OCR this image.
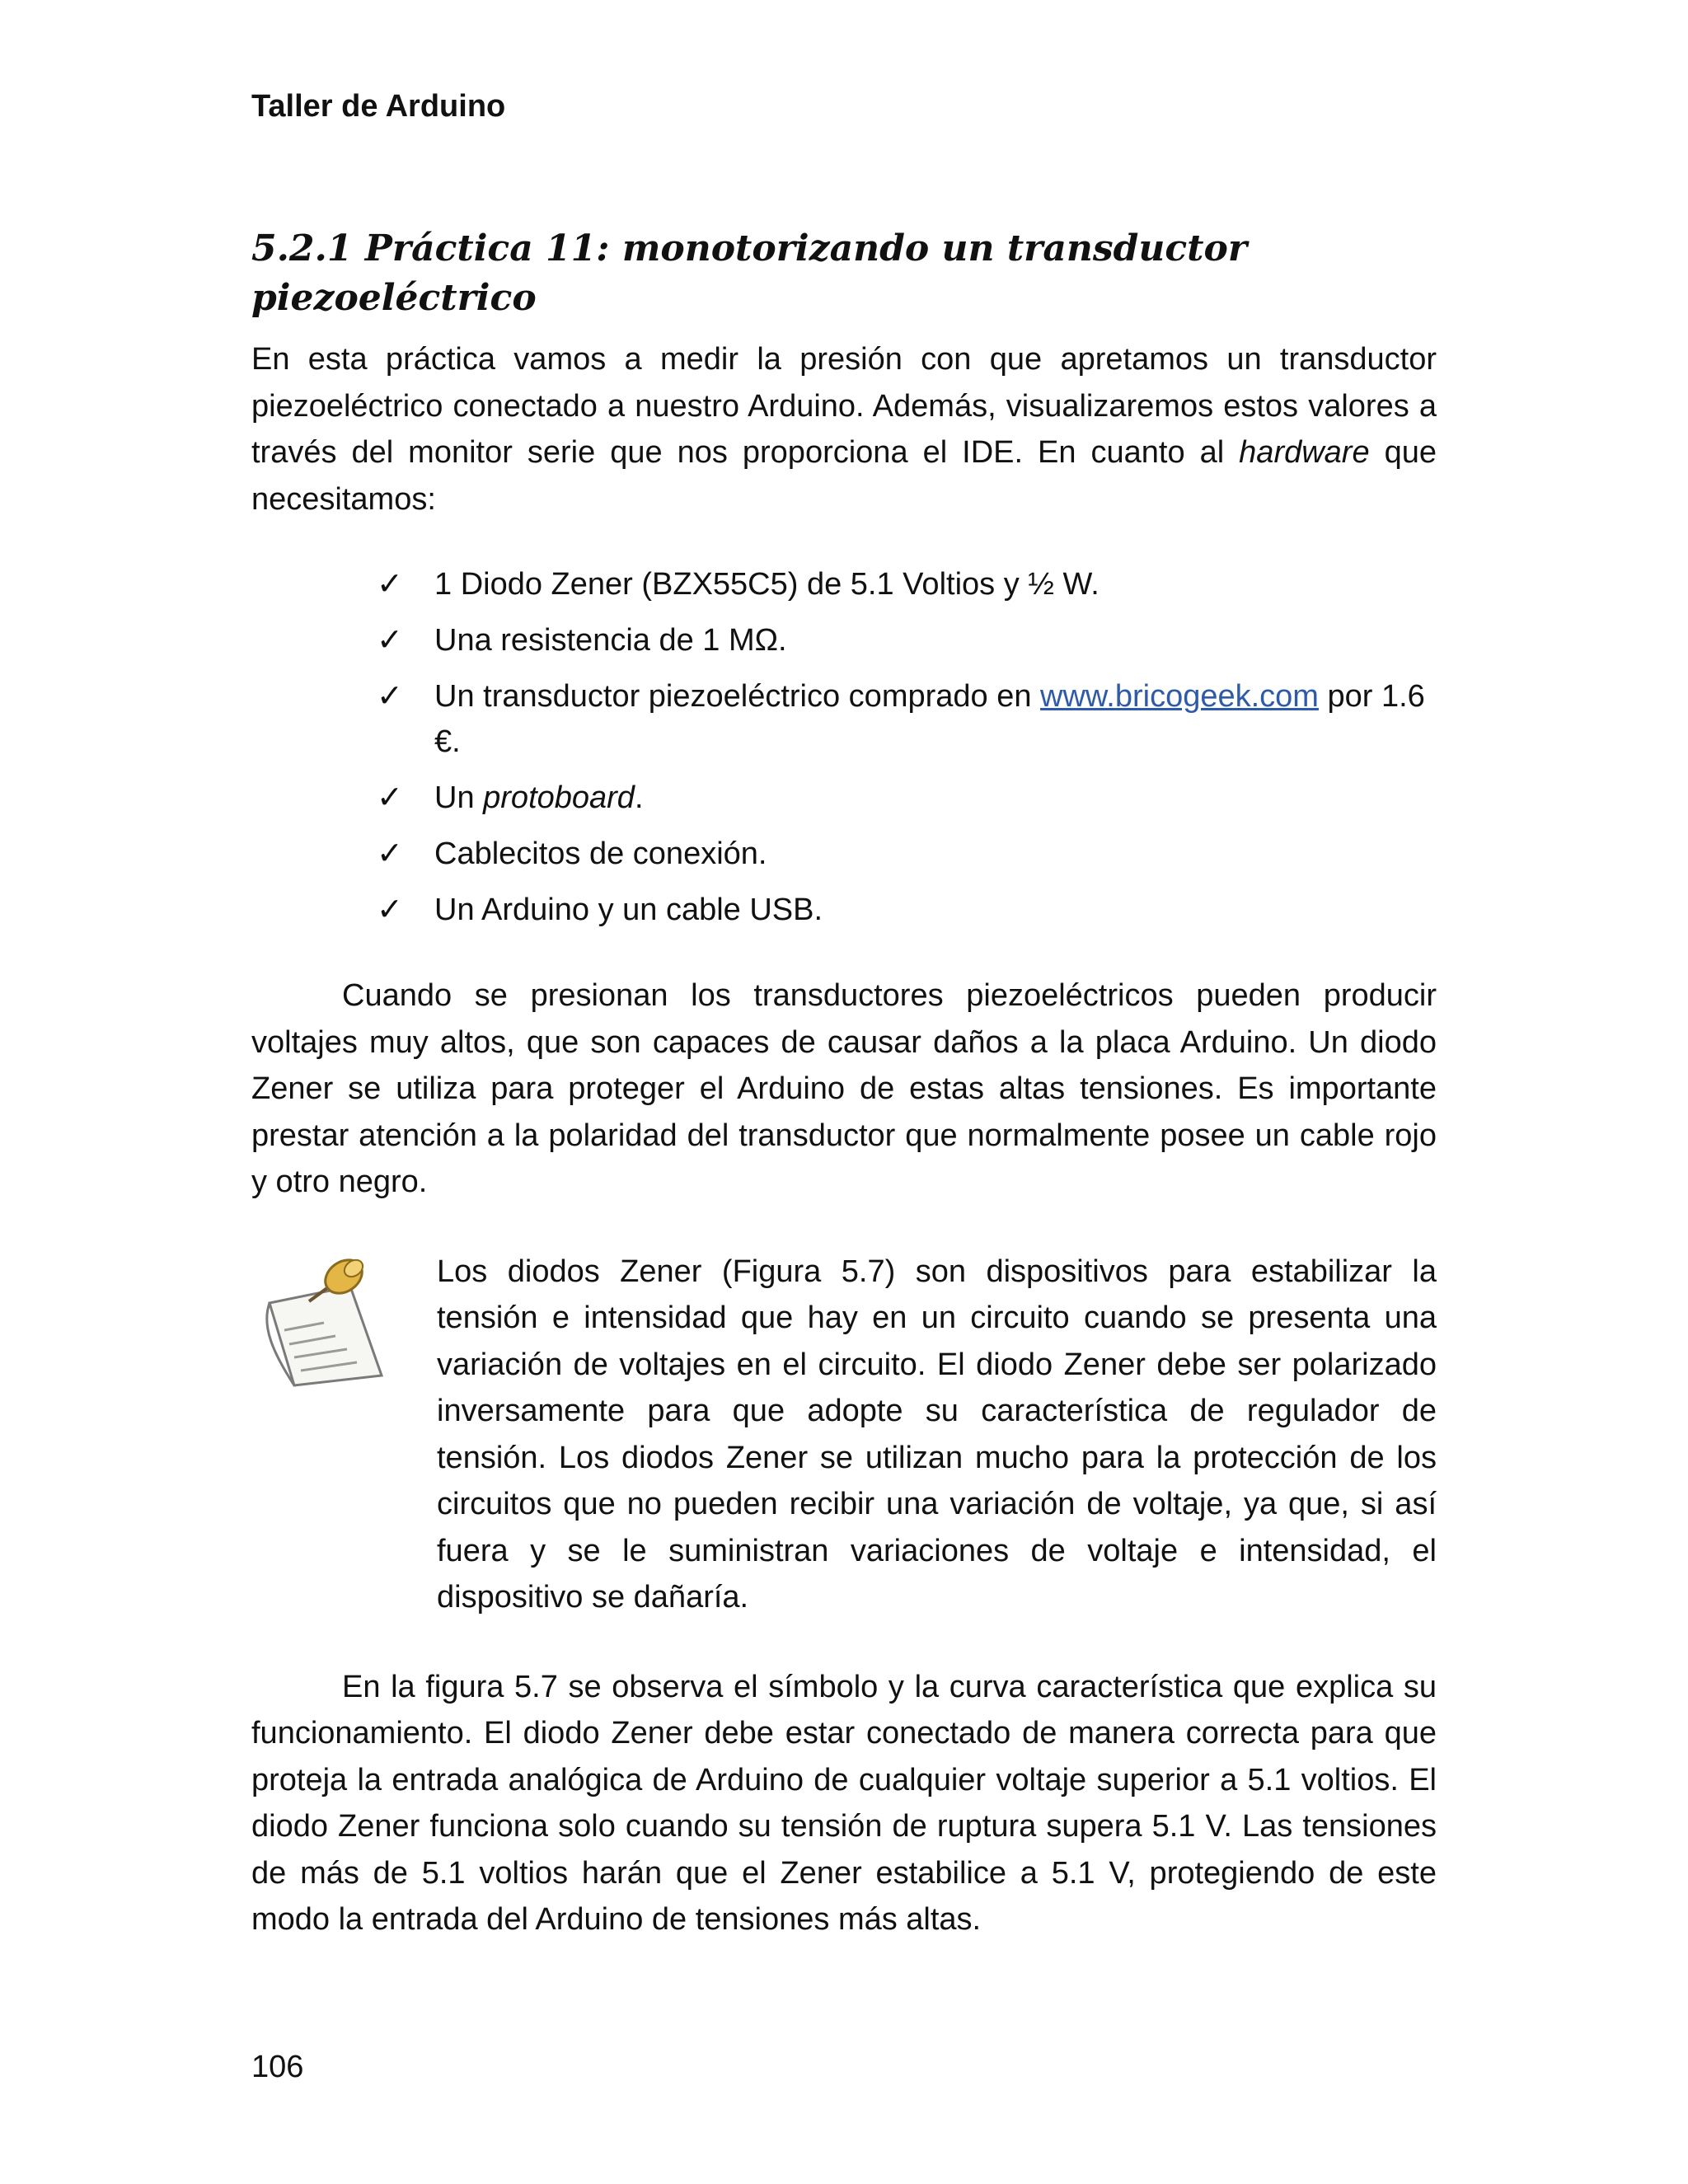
Taller de Arduino
5.2.1 Práctica 11: monotorizando un transductor piezoeléctrico

En esta práctica vamos a medir la presión con que apretamos un transductor piezoeléctrico conectado a nuestro Arduino. Además, visualizaremos estos valores a través del monitor serie que nos proporciona el IDE. En cuanto al hardware que necesitamos:

✓ 1 Diodo Zener (BZX55C5) de 5.1 Voltios y ½ W.
✓ Una resistencia de 1 MΩ.
✓ Un transductor piezoeléctrico comprado en www.bricogeek.com por 1.6 €.
✓ Un protoboard.
✓ Cablecitos de conexión.
✓ Un Arduino y un cable USB.

Cuando se presionan los transductores piezoeléctricos pueden producir voltajes muy altos, que son capaces de causar daños a la placa Arduino. Un diodo Zener se utiliza para proteger el Arduino de estas altas tensiones. Es importante prestar atención a la polaridad del transductor que normalmente posee un cable rojo y otro negro.

Los diodos Zener (Figura 5.7) son dispositivos para estabilizar la tensión e intensidad que hay en un circuito cuando se presenta una variación de voltajes en el circuito. El diodo Zener debe ser polarizado inversamente para que adopte su característica de regulador de tensión. Los diodos Zener se utilizan mucho para la protección de los circuitos que no pueden recibir una variación de voltaje, ya que, si así fuera y se le suministran variaciones de voltaje e intensidad, el dispositivo se dañaría.

En la figura 5.7 se observa el símbolo y la curva característica que explica su funcionamiento. El diodo Zener debe estar conectado de manera correcta para que proteja la entrada analógica de Arduino de cualquier voltaje superior a 5.1 voltios. El diodo Zener funciona solo cuando su tensión de ruptura supera 5.1 V. Las tensiones de más de 5.1 voltios harán que el Zener estabilice a 5.1 V, protegiendo de este modo la entrada del Arduino de tensiones más altas.

106
